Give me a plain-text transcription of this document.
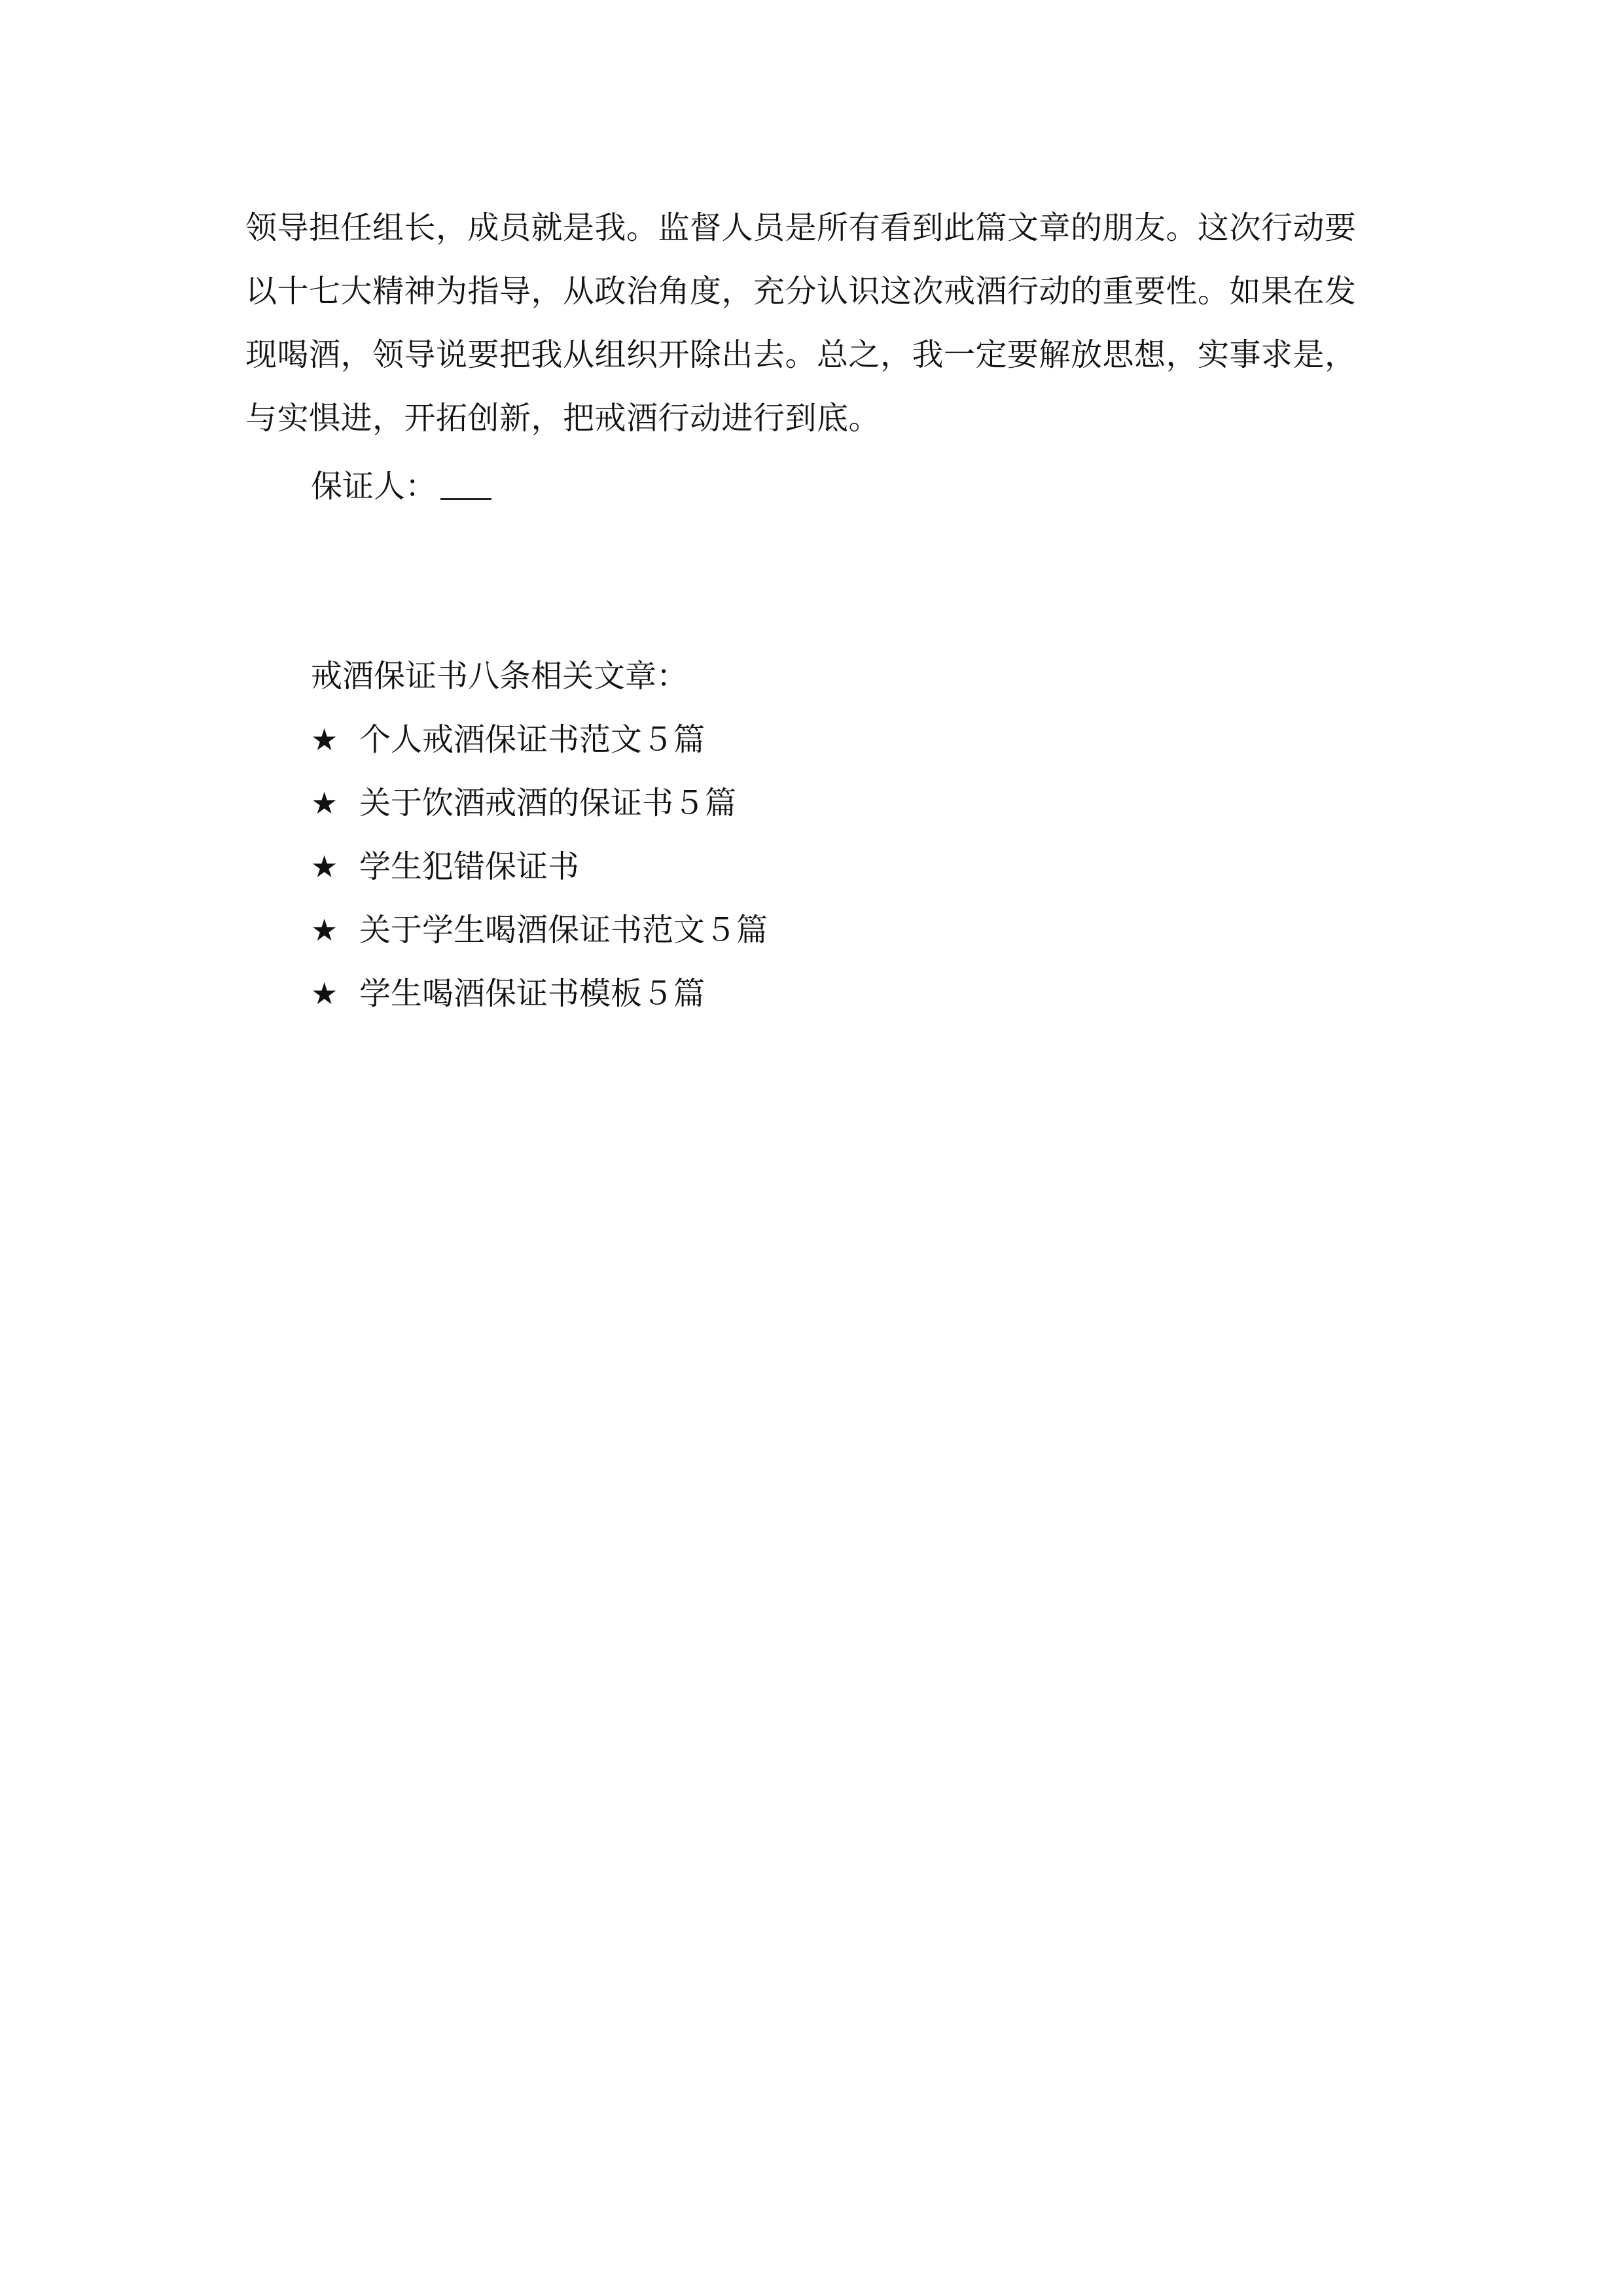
领导担任组长，成员就是我。监督人员是所有看到此篇文章的朋友。这次行动要
以十七大精神为指导，从政治角度，充分认识这次戒酒行动的重要性。如果在发
现喝酒，领导说要把我从组织开除出去。总之，我一定要解放思想，实事求是，
与实惧进，开拓创新，把戒酒行动进行到底。
保证人：
戒酒保证书八条相关文章：
★ 个人戒酒保证书范文５篇
★ 关于饮酒戒酒的保证书５篇
★ 学生犯错保证书
★ 关于学生喝酒保证书范文５篇
★ 学生喝酒保证书模板５篇
